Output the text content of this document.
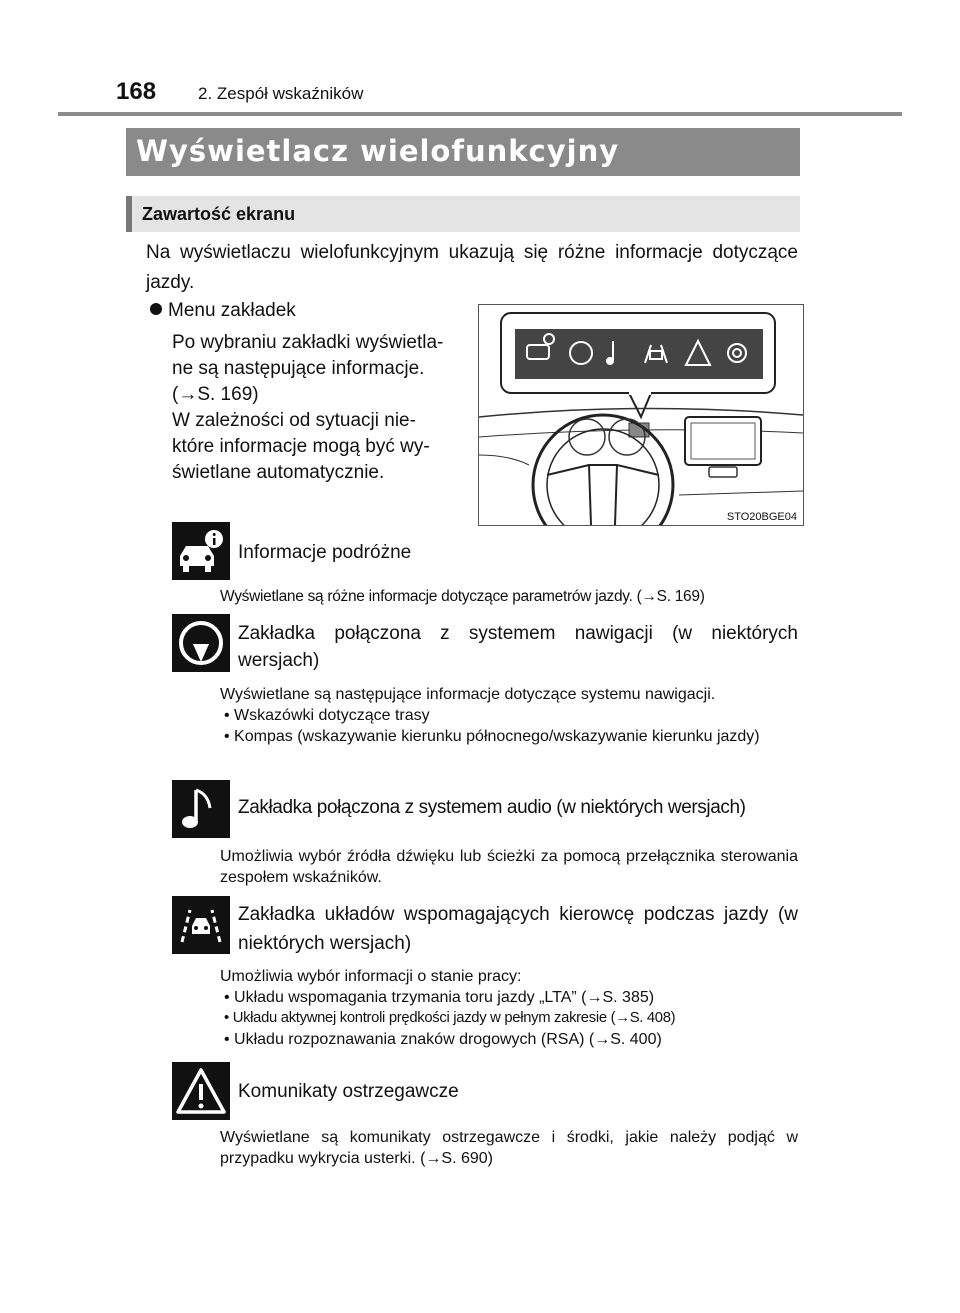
168 2. Zespół wskaźników
Wyświetlacz wielofunkcyjny
Zawartość ekranu
Na wyświetlaczu wielofunkcyjnym ukazują się różne informacje dotyczące jazdy.
Menu zakładek
Po wybraniu zakładki wyświetla-
ne są następujące informacje.
(→S. 169)
W zależności od sytuacji nie-
które informacje mogą być wy-
świetlane automatycznie.
STO20BGE04
Informacje podróżne
Wyświetlane są różne informacje dotyczące parametrów jazdy. (→S. 169)
Zakładka połączona z systemem nawigacji (w niektórych wersjach)
Wyświetlane są następujące informacje dotyczące systemu nawigacji.
• Wskazówki dotyczące trasy
• Kompas (wskazywanie kierunku północnego/wskazywanie kierunku jazdy)
Zakładka połączona z systemem audio (w niektórych wersjach)
Umożliwia wybór źródła dźwięku lub ścieżki za pomocą przełącznika sterowania zespołem wskaźników.
Zakładka układów wspomagających kierowcę podczas jazdy (w niektórych wersjach)
Umożliwia wybór informacji o stanie pracy:
• Układu wspomagania trzymania toru jazdy „LTA” (→S. 385)
• Układu aktywnej kontroli prędkości jazdy w pełnym zakresie (→S. 408)
• Układu rozpoznawania znaków drogowych (RSA) (→S. 400)
Komunikaty ostrzegawcze
Wyświetlane są komunikaty ostrzegawcze i środki, jakie należy podjąć w przypadku wykrycia usterki. (→S. 690)
